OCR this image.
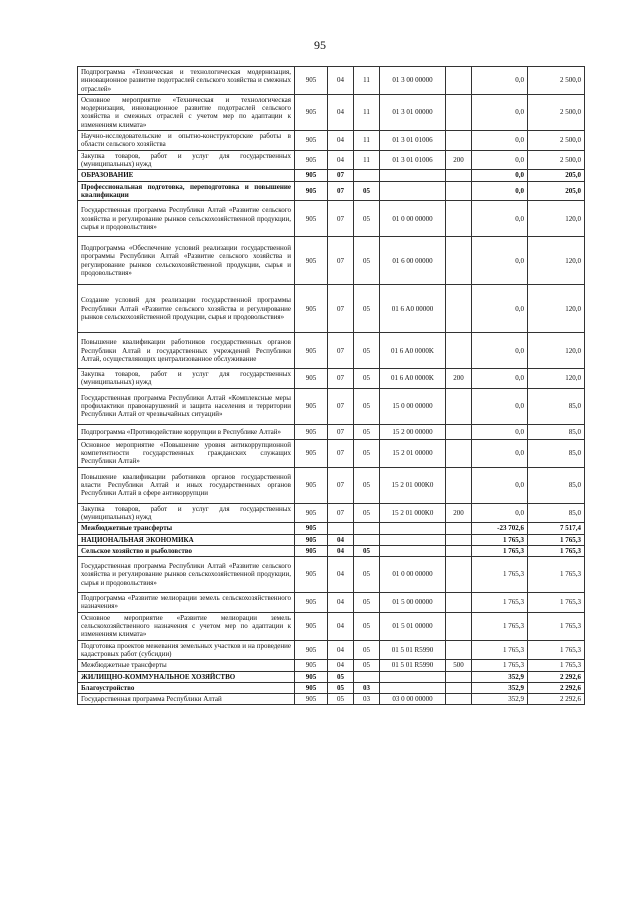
95
Подпрограмма «Техническая и технологическая модернизация, инновационное развитие подотраслей сельского хозяйства и смежных отраслей»	905	04	11	01 3 00 00000		0,0	2 500,0
Основное мероприятие «Техническая и технологическая модернизация, инновационное развитие подотраслей сельского хозяйства и смежных отраслей с учетом мер по адаптации к изменениям климата»	905	04	11	01 3 01 00000		0,0	2 500,0
Научно-исследовательские и опытно-конструкторские работы в области сельского хозяйства	905	04	11	01 3 01 01006		0,0	2 500,0
Закупка товаров, работ и услуг для государственных (муниципальных) нужд	905	04	11	01 3 01 01006	200	0,0	2 500,0
ОБРАЗОВАНИЕ	905	07				0,0	205,0
Профессиональная подготовка, переподготовка и повышение квалификации	905	07	05			0,0	205,0
Государственная программа Республики Алтай «Развитие сельского хозяйства и регулирование рынков сельскохозяйственной продукции, сырья и продовольствия»	905	07	05	01 0 00 00000		0,0	120,0
Подпрограмма «Обеспечение условий реализации государственной программы Республики Алтай «Развитие сельского хозяйства и регулирование рынков сельскохозяйственной продукции, сырья и продовольствия»	905	07	05	01 6 00 00000		0,0	120,0
Создание условий для реализации государственной программы Республики Алтай «Развитие сельского хозяйства и регулирование рынков сельскохозяйственной продукции, сырья и продовольствия»	905	07	05	01 6 A0 00000		0,0	120,0
Повышение квалификации работников государственных органов Республики Алтай и государственных учреждений Республики Алтай, осуществляющих централизованное обслуживание	905	07	05	01 6 A0 0000K		0,0	120,0
Закупка товаров, работ и услуг для государственных (муниципальных) нужд	905	07	05	01 6 A0 0000K	200	0,0	120,0
Государственная программа Республики Алтай «Комплексные меры профилактики правонарушений и защита населения и территории Республики Алтай от чрезвычайных ситуаций»	905	07	05	15 0 00 00000		0,0	85,0
Подпрограмма «Противодействие коррупции в Республике Алтай»	905	07	05	15 2 00 00000		0,0	85,0
Основное мероприятие «Повышение уровня антикоррупционной компетентности государственных гражданских служащих Республики Алтай»	905	07	05	15 2 01 00000		0,0	85,0
Повышение квалификации работников органов государственной власти Республики Алтай и иных государственных органов Республики Алтай в сфере антикоррупции	905	07	05	15 2 01 000K0		0,0	85,0
Закупка товаров, работ и услуг для государственных (муниципальных) нужд	905	07	05	15 2 01 000K0	200	0,0	85,0
Межбюджетные трансферты	905					-23 702,6	7 517,4
НАЦИОНАЛЬНАЯ ЭКОНОМИКА	905	04				1 765,3	1 765,3
Сельское хозяйство и рыболовство	905	04	05			1 765,3	1 765,3
Государственная программа Республики Алтай «Развитие сельского хозяйства и регулирование рынков сельскохозяйственной продукции, сырья и продовольствия»	905	04	05	01 0 00 00000		1 765,3	1 765,3
Подпрограмма «Развитие мелиорации земель сельскохозяйственного назначения»	905	04	05	01 5 00 00000		1 765,3	1 765,3
Основное мероприятие «Развитие мелиорации земель сельскохозяйственного назначения с учетом мер по адаптации к изменениям климата»	905	04	05	01 5 01 00000		1 765,3	1 765,3
Подготовка проектов межевания земельных участков и на проведение кадастровых работ (субсидии)	905	04	05	01 5 01 R5990		1 765,3	1 765,3
Межбюджетные трансферты	905	04	05	01 5 01 R5990	500	1 765,3	1 765,3
ЖИЛИЩНО-КОММУНАЛЬНОЕ ХОЗЯЙСТВО	905	05				352,9	2 292,6
Благоустройство	905	05	03			352,9	2 292,6
Государственная программа Республики Алтай	905	05	03	03 0 00 00000		352,9	2 292,6
